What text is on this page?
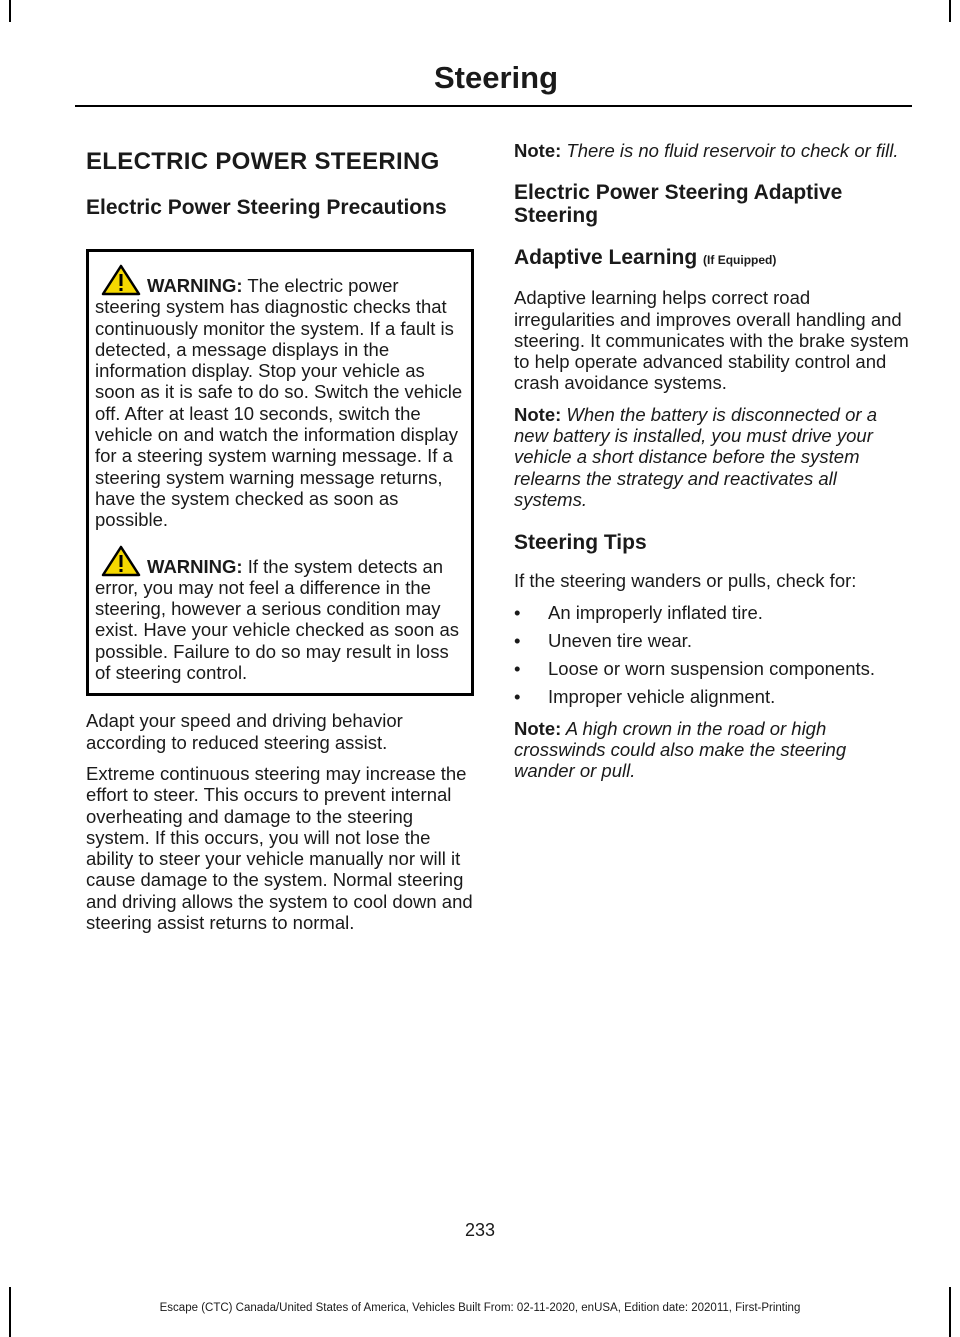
Steering
ELECTRIC POWER STEERING
Electric Power Steering Precautions
WARNING: The electric power steering system has diagnostic checks that continuously monitor the system. If a fault is detected, a message displays in the information display. Stop your vehicle as soon as it is safe to do so. Switch the vehicle off. After at least 10 seconds, switch the vehicle on and watch the information display for a steering system warning message. If a steering system warning message returns, have the system checked as soon as possible.
WARNING: If the system detects an error, you may not feel a difference in the steering, however a serious condition may exist. Have your vehicle checked as soon as possible. Failure to do so may result in loss of steering control.

Adapt your speed and driving behavior according to reduced steering assist.

Extreme continuous steering may increase the effort to steer. This occurs to prevent internal overheating and damage to the steering system. If this occurs, you will not lose the ability to steer your vehicle manually nor will it cause damage to the system. Normal steering and driving allows the system to cool down and steering assist returns to normal.

Note: There is no fluid reservoir to check or fill.

Electric Power Steering Adaptive Steering
Adaptive Learning (If Equipped)

Adaptive learning helps correct road irregularities and improves overall handling and steering. It communicates with the brake system to help operate advanced stability control and crash avoidance systems.

Note: When the battery is disconnected or a new battery is installed, you must drive your vehicle a short distance before the system relearns the strategy and reactivates all systems.

Steering Tips

If the steering wanders or pulls, check for:

• An improperly inflated tire.
• Uneven tire wear.
• Loose or worn suspension components.
• Improper vehicle alignment.

Note: A high crown in the road or high crosswinds could also make the steering wander or pull.

233
Escape (CTC) Canada/United States of America, Vehicles Built From: 02-11-2020, enUSA, Edition date: 202011, First-Printing
